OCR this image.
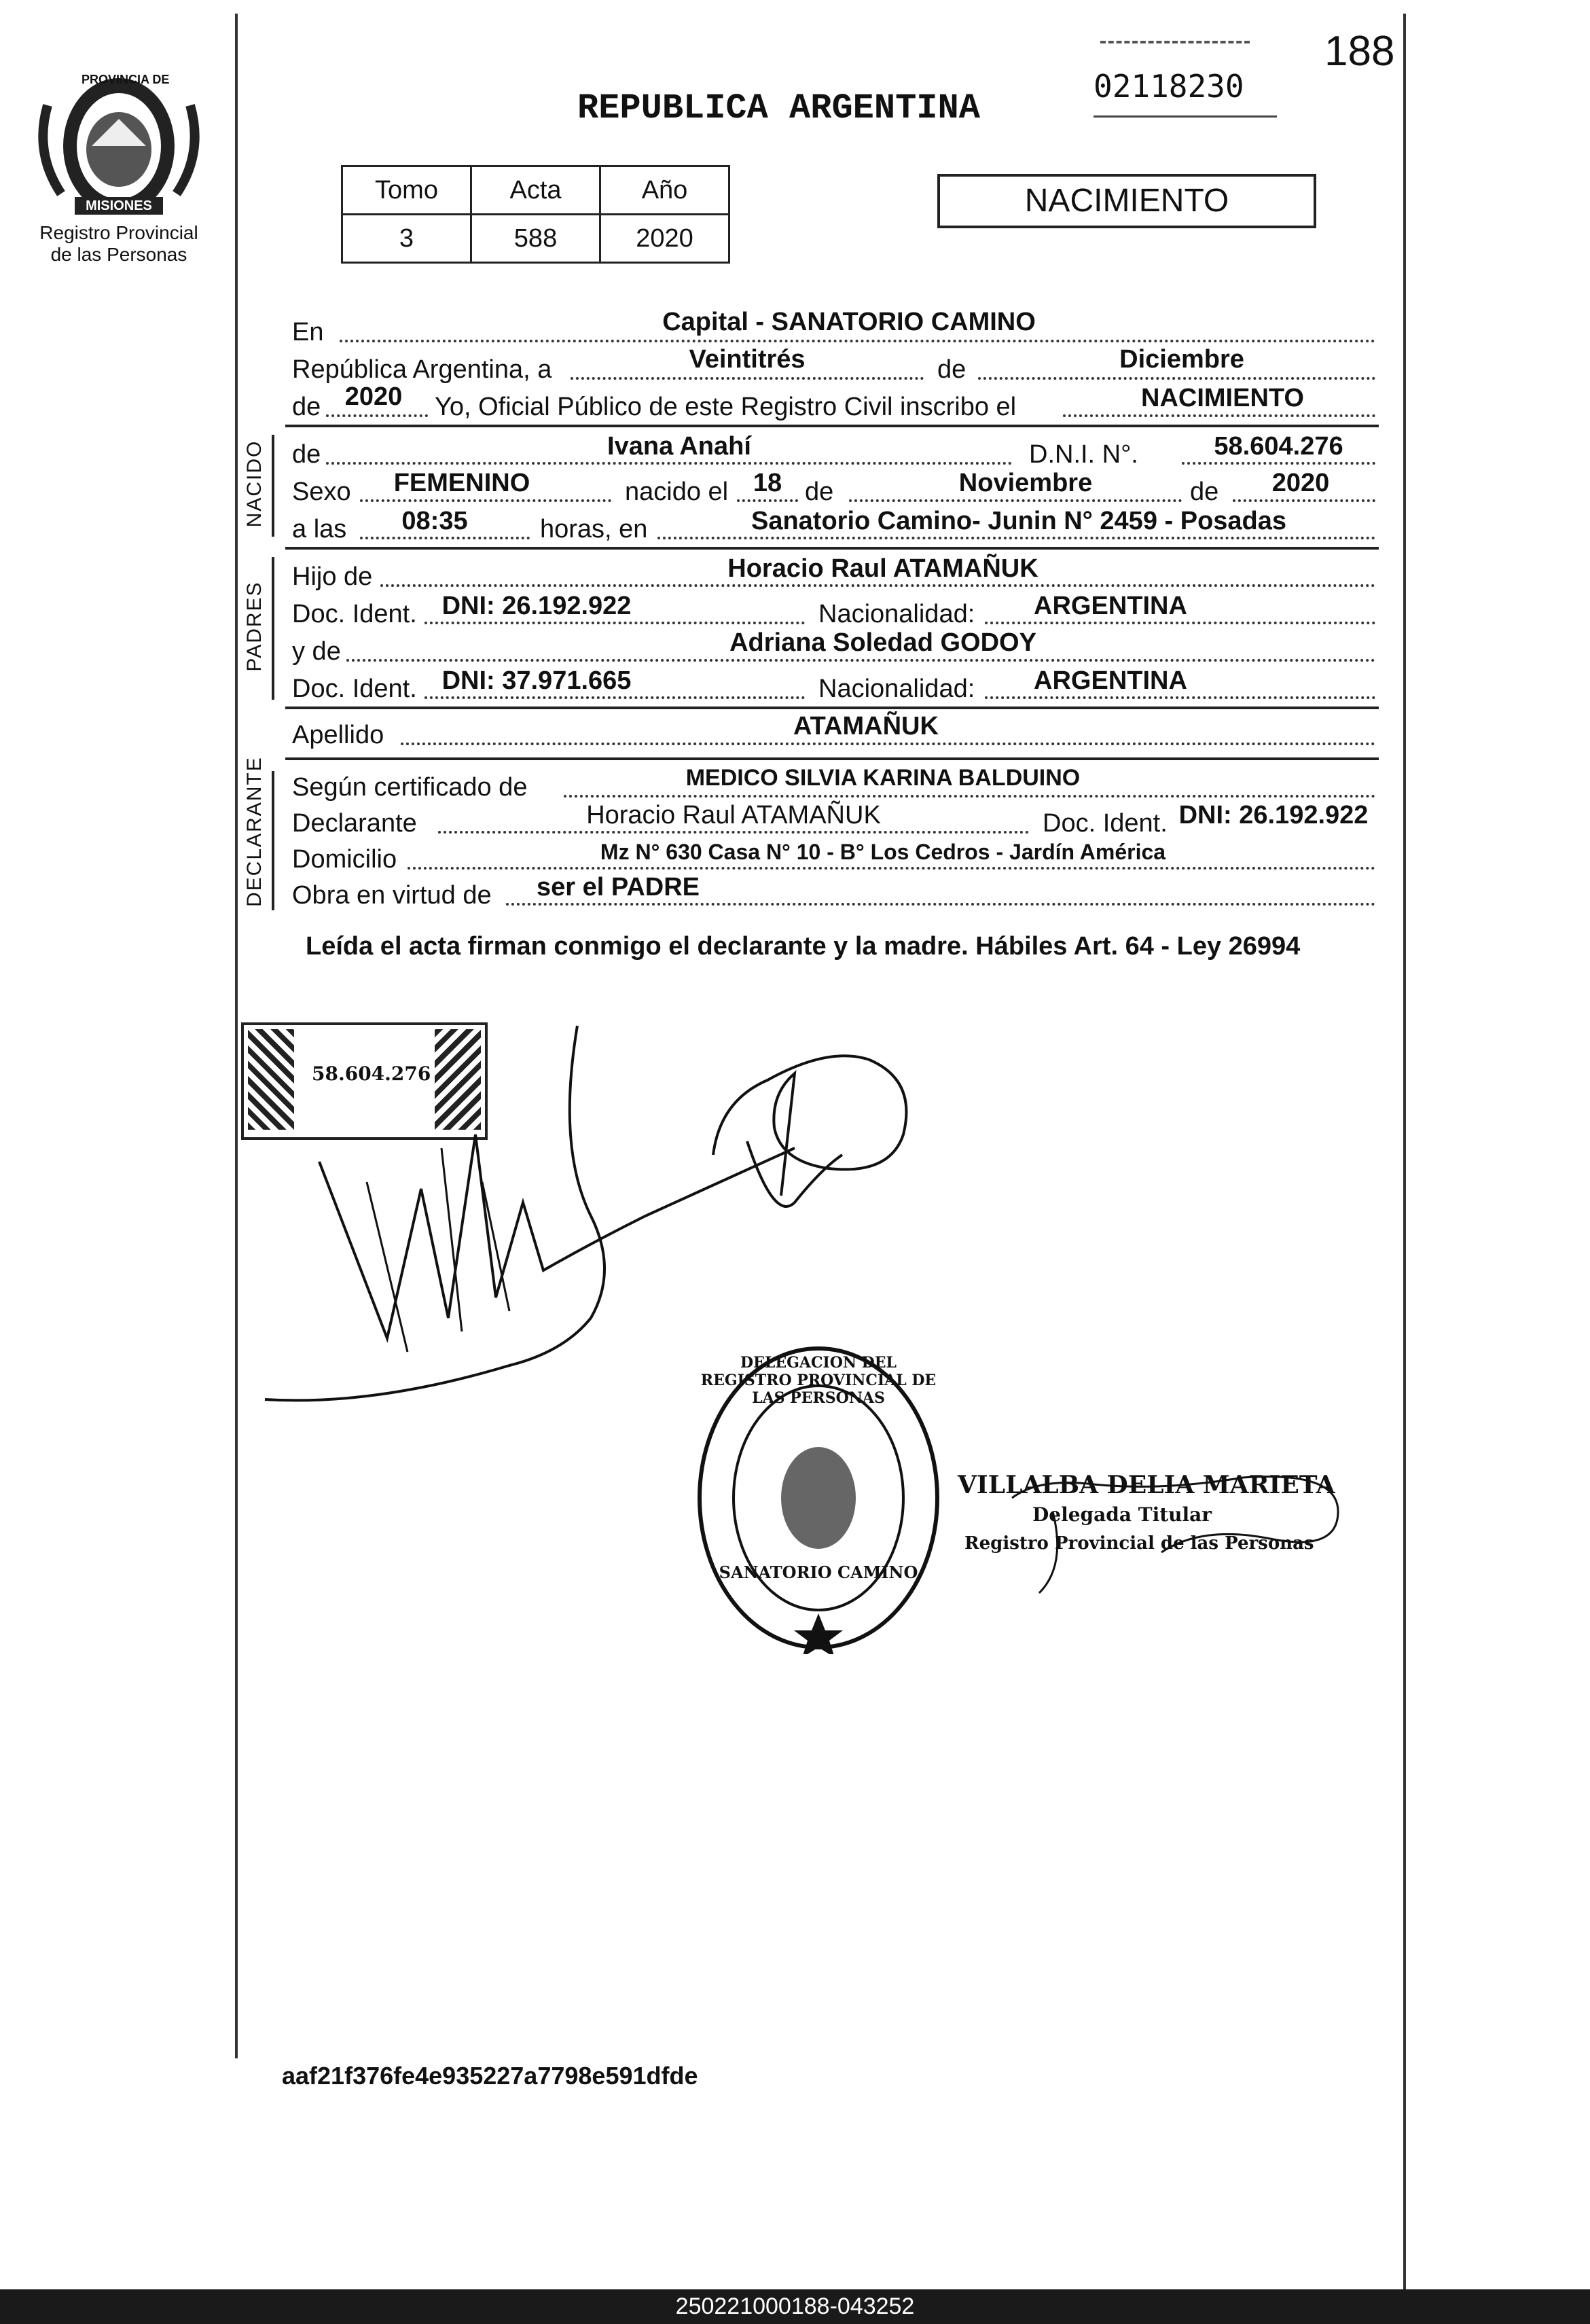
188
02118230
PROVINCIA DE
MISIONES
Registro Provincial
de las Personas
REPUBLICA ARGENTINA
Tomo	Acta	Año
3	588	2020
NACIMIENTO
En	Capital - SANATORIO CAMINO
República Argentina, a	Veintitrés	de	Diciembre
de 2020	Yo, Oficial Público de este Registro Civil inscribo el	NACIMIENTO
NACIDO de	Ivana Anahí	D.N.I. N°.	58.604.276
Sexo	FEMENINO	nacido el 18 de	Noviembre	de	2020
a las	08:35	horas, en	Sanatorio Camino- Junin N° 2459 - Posadas
PADRES
Hijo de	Horacio Raul ATAMAÑUK
Doc. Ident. DNI: 26.192.922	Nacionalidad:	ARGENTINA
y de	Adriana Soledad GODOY
Doc. Ident. DNI: 37.971.665	Nacionalidad:	ARGENTINA
Apellido	ATAMAÑUK
DECLARANTE Según certificado de	MEDICO SILVIA KARINA BALDUINO
Declarante	Horacio Raul ATAMAÑUK	Doc. Ident. DNI: 26.192.922
Domicilio	Mz N° 630 Casa N° 10 - B° Los Cedros - Jardín América
Obra en virtud de	ser el PADRE
Leída el acta firman conmigo el declarante y la madre. Hábiles Art. 64 - Ley 26994
58.604.276
DELEGACION DEL REGISTRO PROVINCIAL DE LAS PERSONAS
SANATORIO CAMINO
VILLALBA DELIA MARIETA
Delegada Titular
Registro Provincial de las Personas
aaf21f376fe4e935227a7798e591dfde
250221000188-043252
